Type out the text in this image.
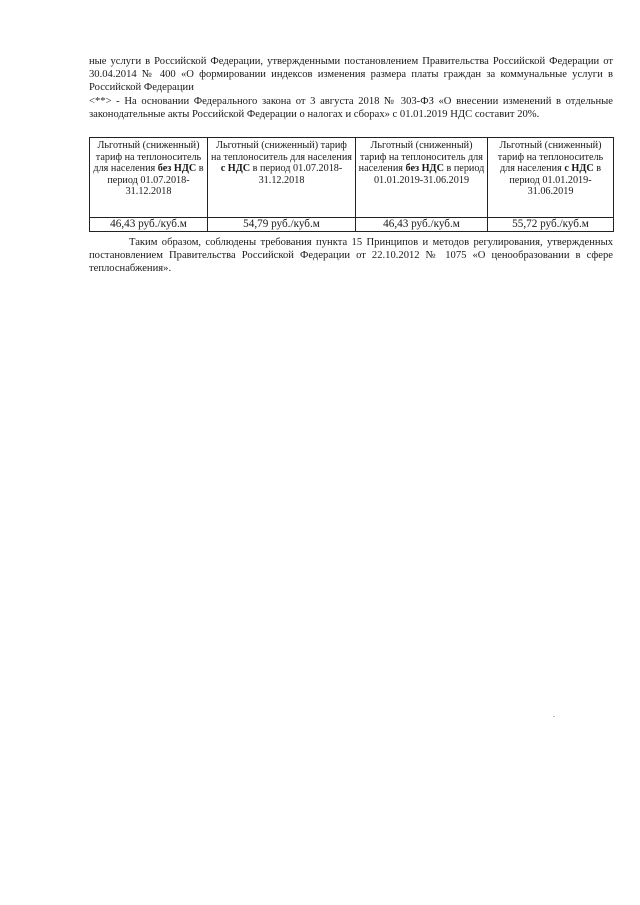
ные услуги в Российской Федерации, утвержденными постановлением Правительства Российской Федерации от 30.04.2014 № 400 «О формировании индексов изменения размера платы граждан за коммунальные услуги в Российской Федерации
<**> - На основании Федерального закона от 3 августа 2018 № 303-ФЗ «О внесении изменений в отдельные законодательные акты Российской Федерации о налогах и сборах» с 01.01.2019 НДС составит 20%.
Льготный (сниженный) тариф на теплоноситель для населения без НДС в период 01.07.2018-31.12.2018	Льготный (сниженный) тариф на теплоноситель для населения с НДС в период 01.07.2018-31.12.2018	Льготный (сниженный) тариф на теплоноситель для населения без НДС в период 01.01.2019-31.06.2019	Льготный (сниженный) тариф на теплоноситель для населения с НДС в период 01.01.2019-31.06.2019
46,43 руб./куб.м	54,79 руб./куб.м	46,43 руб./куб.м	55,72 руб./куб.м
Таким образом, соблюдены требования пункта 15 Принципов и методов регулирования, утвержденных постановлением Правительства Российской Федерации от 22.10.2012 № 1075 «О ценообразовании в сфере теплоснабжения».
